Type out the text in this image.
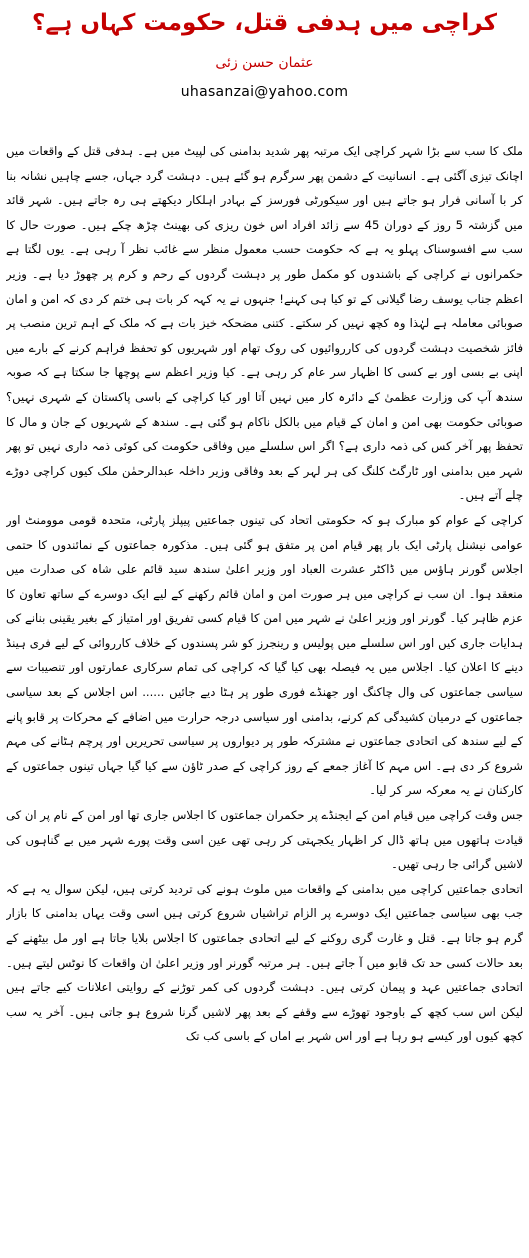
کراچی میں ہدفی قتل، حکومت کہاں ہے؟
عثمان حسن زئی
uhasanzai@yahoo.com

ملک کا سب سے بڑا شہر کراچی ایک مرتبہ پھر شدید بدامنی کی لپیٹ میں ہے۔ ہدفی قتل کے واقعات میں اچانک تیزی آگئی ہے۔ انسانیت کے دشمن پھر سرگرم ہو گئے ہیں۔ دہشت گرد جہاں، جسے چاہیں نشانہ بنا کر با آسانی فرار ہو جاتے ہیں اور سیکورٹی فورسز کے بہادر اہلکار دیکھتے ہی رہ جاتے ہیں۔ شہر قائد میں گزشتہ 5 روز کے دوران 45 سے زائد افراد اس خون ریزی کی بھینٹ چڑھ چکے ہیں۔ صورت حال کا سب سے افسوسناک پہلو یہ ہے کہ حکومت حسب معمول منظر سے غائب نظر آ رہی ہے۔ یوں لگتا ہے حکمرانوں نے کراچی کے باشندوں کو مکمل طور پر دہشت گردوں کے رحم و کرم پر چھوڑ دیا ہے۔ وزیر اعظم جناب یوسف رضا گیلانی کے تو کیا ہی کہنے! جنہوں نے یہ کہہ کر بات ہی ختم کر دی کہ امن و امان صوبائی معاملہ ہے لہٰذا وہ کچھ نہیں کر سکتے۔ کتنی مضحکہ خیز بات ہے کہ ملک کے اہم ترین منصب پر فائز شخصیت دہشت گردوں کی کارروائیوں کی روک تھام اور شہریوں کو تحفظ فراہم کرنے کے بارے میں اپنی بے بسی اور بے کسی کا اظہار سر عام کر رہی ہے۔ کیا وزیر اعظم سے پوچھا جا سکتا ہے کہ صوبہ سندھ آپ کی وزارت عظمیٰ کے دائرہ کار میں نہیں آتا اور کیا کراچی کے باسی پاکستان کے شہری نہیں؟ صوبائی حکومت بھی امن و امان کے قیام میں بالکل ناکام ہو گئی ہے۔ سندھ کے شہریوں کے جان و مال کا تحفظ پھر آخر کس کی ذمہ داری ہے؟ اگر اس سلسلے میں وفاقی حکومت کی کوئی ذمہ داری نہیں تو پھر شہر میں بدامنی اور ٹارگٹ کلنگ کی ہر لہر کے بعد وفاقی وزیر داخلہ عبدالرحمٰن ملک کیوں کراچی دوڑے چلے آتے ہیں۔

کراچی کے عوام کو مبارک ہو کہ حکومتی اتحاد کی تینوں جماعتیں پیپلز پارٹی، متحدہ قومی موومنٹ اور عوامی نیشنل پارٹی ایک بار پھر قیام امن پر متفق ہو گئی ہیں۔ مذکورہ جماعتوں کے نمائندوں کا حتمی اجلاس گورنر ہاؤس میں ڈاکٹر عشرت العباد اور وزیر اعلیٰ سندھ سید قائم علی شاہ کی صدارت میں منعقد ہوا۔ ان سب نے کراچی میں ہر صورت امن و امان قائم رکھنے کے لیے ایک دوسرے کے ساتھ تعاون کا عزم ظاہر کیا۔ گورنر اور وزیر اعلیٰ نے شہر میں امن کا قیام کسی تفریق اور امتیاز کے بغیر یقینی بنانے کی ہدایات جاری کیں اور اس سلسلے میں پولیس و رینجرز کو شر پسندوں کے خلاف کارروائی کے لیے فری ہینڈ دینے کا اعلان کیا۔ اجلاس میں یہ فیصلہ بھی کیا گیا کہ کراچی کی تمام سرکاری عمارتوں اور تنصیبات سے سیاسی جماعتوں کی وال چاکنگ اور جھنڈے فوری طور پر ہٹا دیے جائیں ...... اس اجلاس کے بعد سیاسی جماعتوں کے درمیان کشیدگی کم کرنے، بدامنی اور سیاسی درجہ حرارت میں اضافے کے محرکات پر قابو پانے کے لیے سندھ کی اتحادی جماعتوں نے مشترکہ طور پر دیواروں پر سیاسی تحریریں اور پرچم ہٹانے کی مہم شروع کر دی ہے۔ اس مہم کا آغاز جمعے کے روز کراچی کے صدر ٹاؤن سے کیا گیا جہاں تینوں جماعتوں کے کارکنان نے یہ معرکہ سر کر لیا۔

جس وقت کراچی میں قیام امن کے ایجنڈے پر حکمران جماعتوں کا اجلاس جاری تھا اور امن کے نام پر ان کی قیادت ہاتھوں میں ہاتھ ڈال کر اظہار یکجہتی کر رہی تھی عین اسی وقت پورے شہر میں بے گناہوں کی لاشیں گرائی جا رہی تھیں۔

اتحادی جماعتیں کراچی میں بدامنی کے واقعات میں ملوث ہونے کی تردید کرتی ہیں، لیکن سوال یہ ہے کہ جب بھی سیاسی جماعتیں ایک دوسرے پر الزام تراشیاں شروع کرتی ہیں اسی وقت یہاں بدامنی کا بازار گرم ہو جاتا ہے۔ قتل و غارت گری روکنے کے لیے اتحادی جماعتوں کا اجلاس بلایا جاتا ہے اور مل بیٹھنے کے بعد حالات کسی حد تک قابو میں آ جاتے ہیں۔ ہر مرتبہ گورنر اور وزیر اعلیٰ ان واقعات کا نوٹس لیتے ہیں۔ اتحادی جماعتیں عہد و پیمان کرتی ہیں۔ دہشت گردوں کی کمر توڑنے کے روایتی اعلانات کیے جاتے ہیں لیکن اس سب کچھ کے باوجود تھوڑے سے وقفے کے بعد پھر لاشیں گرنا شروع ہو جاتی ہیں۔ آخر یہ سب کچھ کیوں اور کیسے ہو رہا ہے اور اس شہر بے اماں کے باسی کب تک
